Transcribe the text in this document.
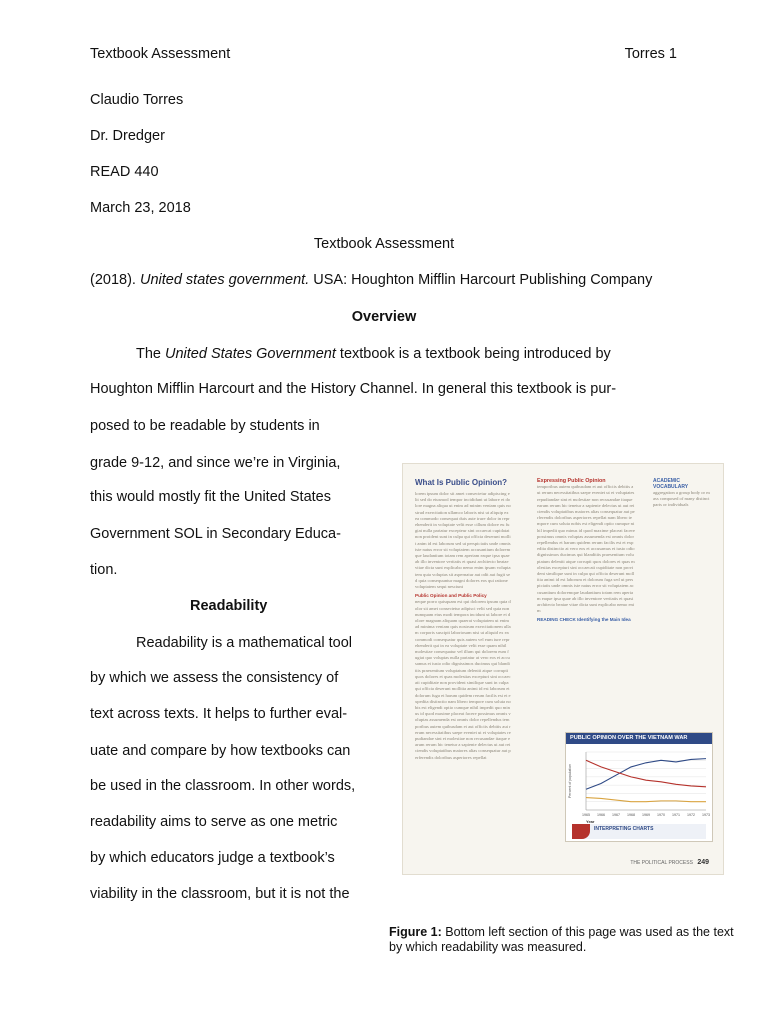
Textbook Assessment	Torres 1
Claudio Torres
Dr. Dredger
READ 440
March 23, 2018
Textbook Assessment
(2018). United states government. USA: Houghton Mifflin Harcourt Publishing Company
Overview
The United States Government textbook is a textbook being introduced by
Houghton Mifflin Harcourt and the History Channel. In general this textbook is pur-
posed to be readable by students in
grade 9-12, and since we’re in Virginia,
this would mostly fit the United States
Government SOL in Secondary Educa-
tion.
Readability
Readability is a mathematical tool
by which we assess the consistency of
text across texts. It helps to further eval-
uate and compare by how textbooks can
be used in the classroom. In other words,
readability aims to serve as one metric
by which educators judge a textbook’s
viability in the classroom, but it is not the
What Is Public Opinion?
lorem ipsum dolor sit amet consectetur adipiscing elit sed do eiusmod tempor incididunt ut labore et dolore magna aliqua ut enim ad minim veniam quis nostrud exercitation ullamco laboris nisi ut aliquip ex ea commodo consequat duis aute irure dolor in reprehenderit in voluptate velit esse cillum dolore eu fugiat nulla pariatur excepteur sint occaecat cupidatat non proident sunt in culpa qui officia deserunt mollit anim id est laborum sed ut perspiciatis unde omnis iste natus error sit voluptatem accusantium doloremque laudantium totam rem aperiam eaque ipsa quae ab illo inventore veritatis et quasi architecto beatae vitae dicta sunt explicabo nemo enim ipsam voluptatem quia voluptas sit aspernatur aut odit aut fugit sed quia consequuntur magni dolores eos qui ratione voluptatem sequi nesciunt
Public Opinion and Public Policy
neque porro quisquam est qui dolorem ipsum quia dolor sit amet consectetur adipisci velit sed quia non numquam eius modi tempora incidunt ut labore et dolore magnam aliquam quaerat voluptatem ut enim ad minima veniam quis nostrum exercitationem ullam corporis suscipit laboriosam nisi ut aliquid ex ea commodi consequatur quis autem vel eum iure reprehenderit qui in ea voluptate velit esse quam nihil molestiae consequatur vel illum qui dolorem eum fugiat quo voluptas nulla pariatur at vero eos et accusamus et iusto odio dignissimos ducimus qui blanditiis praesentium voluptatum deleniti atque corrupti quos dolores et quas molestias excepturi sint occaecati cupiditate non provident similique sunt in culpa qui officia deserunt mollitia animi id est laborum et dolorum fuga et harum quidem rerum facilis est et expedita distinctio nam libero tempore cum soluta nobis est eligendi optio cumque nihil impedit quo minus id quod maxime placeat facere possimus omnis voluptas assumenda est omnis dolor repellendus temporibus autem quibusdam et aut officiis debitis aut rerum necessitatibus saepe eveniet ut et voluptates repudiandae sint et molestiae non recusandae itaque earum rerum hic tenetur a sapiente delectus ut aut reiciendis voluptatibus maiores alias consequatur aut perferendis doloribus asperiores repellat
Expressing Public Opinion
temporibus autem quibusdam et aut officiis debitis aut rerum necessitatibus saepe eveniet ut et voluptates repudiandae sint et molestiae non recusandae itaque earum rerum hic tenetur a sapiente delectus ut aut reiciendis voluptatibus maiores alias consequatur aut perferendis doloribus asperiores repellat nam libero tempore cum soluta nobis est eligendi optio cumque nihil impedit quo minus id quod maxime placeat facere possimus omnis voluptas assumenda est omnis dolor repellendus et harum quidem rerum facilis est et expedita distinctio at vero eos et accusamus et iusto odio dignissimos ducimus qui blanditiis praesentium voluptatum deleniti atque corrupti quos dolores et quas molestias excepturi sint occaecati cupiditate non provident similique sunt in culpa qui officia deserunt mollitia animi id est laborum et dolorum fuga sed ut perspiciatis unde omnis iste natus error sit voluptatem accusantium doloremque laudantium totam rem aperiam eaque ipsa quae ab illo inventore veritatis et quasi architecto beatae vitae dicta sunt explicabo nemo enim
READING CHECK Identifying the Main Idea
ACADEMIC VOCABULARY
aggregation a group body or mass composed of many distinct parts or individuals
PUBLIC OPINION OVER THE VIETNAM WAR
1965 1966 1967 1968 1969 1970 1971 1972 1973
Percent of population
Year
INTERPRETING CHARTS
THE POLITICAL PROCESS 249
Figure 1: Bottom left section of this page was used as the text by which readability was measured.
